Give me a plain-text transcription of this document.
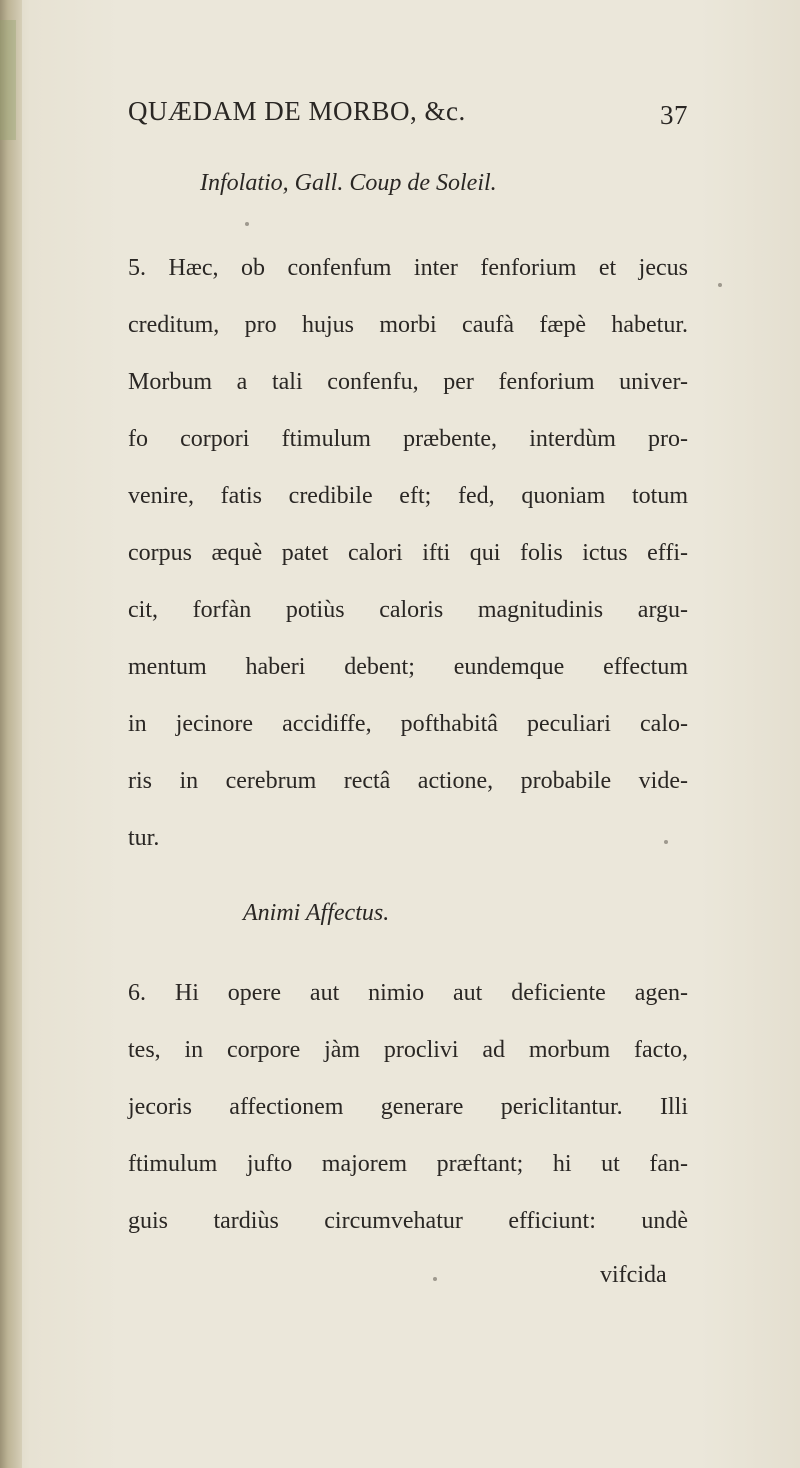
QUÆDAM DE MORBO, &c.	37
Infolatio, Gall. Coup de Soleil.
5. Hæc, ob confenfum inter fenforium et jecus
creditum, pro hujus morbi caufà fæpè habetur.
Morbum a tali confenfu, per fenforium univer-
fo corpori ftimulum præbente, interdùm pro-
venire, fatis credibile eft; fed, quoniam totum
corpus æquè patet calori ifti qui folis ictus effi-
cit, forfàn potiùs caloris magnitudinis argu-
mentum haberi debent; eundemque effectum
in jecinore accidiffe, pofthabitâ peculiari calo-
ris in cerebrum rectâ actione, probabile vide-
tur.
Animi Affectus.
6. Hi opere aut nimio aut deficiente agen-
tes, in corpore jàm proclivi ad morbum facto,
jecoris affectionem generare periclitantur. Illi
ftimulum jufto majorem præftant; hi ut fan-
guis tardiùs circumvehatur efficiunt: undè
vifcida
